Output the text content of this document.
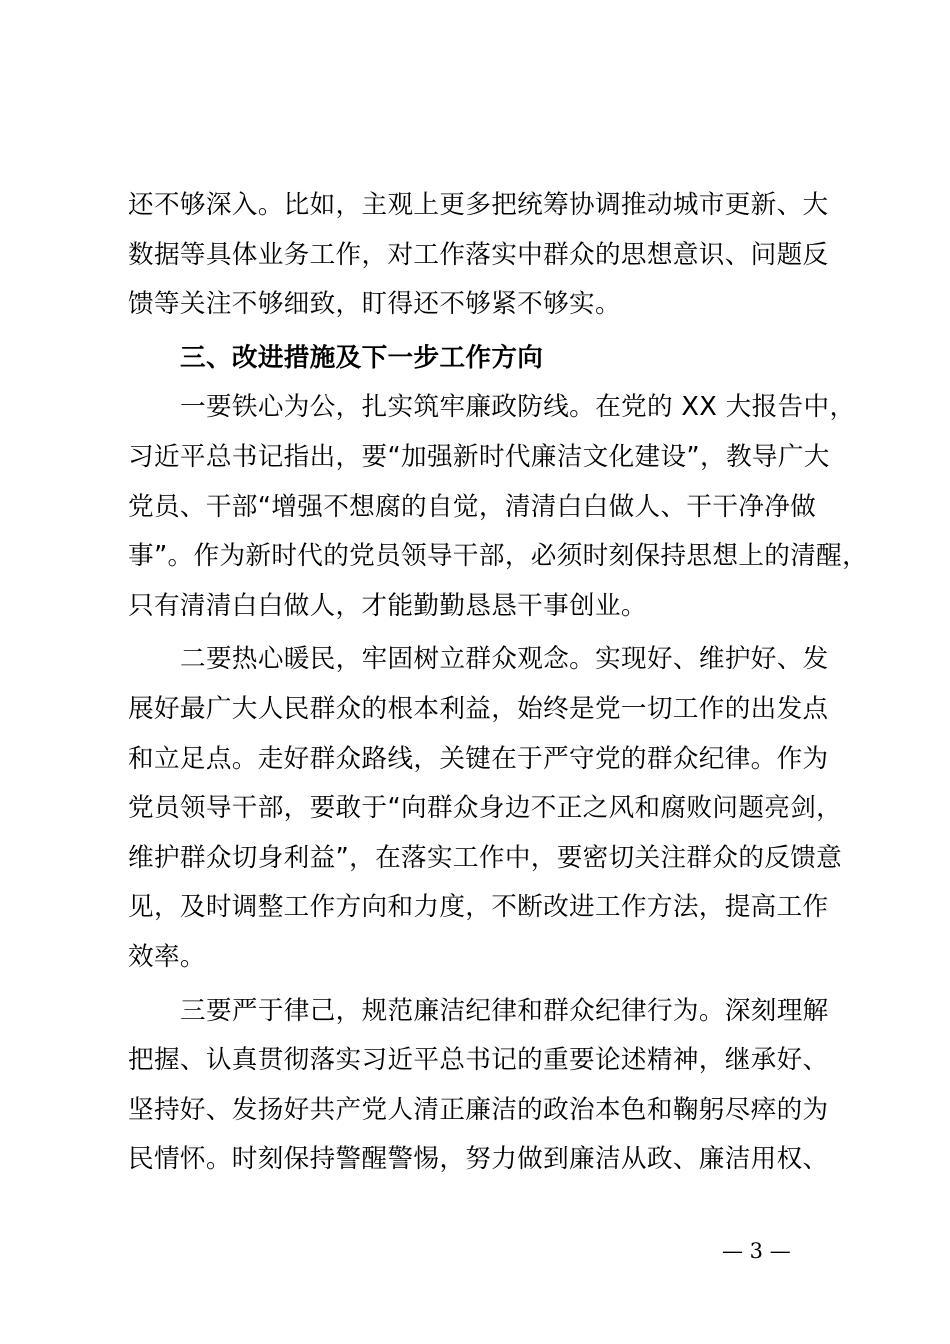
还不够深入。比如，主观上更多把统筹协调推动城市更新、大
数据等具体业务工作，对工作落实中群众的思想意识、问题反
馈等关注不够细致，盯得还不够紧不够实。
三、改进措施及下一步工作方向
一要铁心为公，扎实筑牢廉政防线。在党的 XX 大报告中，
习近平总书记指出，要“加强新时代廉洁文化建设”，教导广大
党员、干部“增强不想腐的自觉，清清白白做人、干干净净做
事”。作为新时代的党员领导干部，必须时刻保持思想上的清醒，
只有清清白白做人，才能勤勤恳恳干事创业。
二要热心暖民，牢固树立群众观念。实现好、维护好、发
展好最广大人民群众的根本利益，始终是党一切工作的出发点
和立足点。走好群众路线，关键在于严守党的群众纪律。作为
党员领导干部，要敢于“向群众身边不正之风和腐败问题亮剑，
维护群众切身利益”，在落实工作中，要密切关注群众的反馈意
见，及时调整工作方向和力度，不断改进工作方法，提高工作
效率。
三要严于律己，规范廉洁纪律和群众纪律行为。深刻理解
把握、认真贯彻落实习近平总书记的重要论述精神，继承好、
坚持好、发扬好共产党人清正廉洁的政治本色和鞠躬尽瘁的为
民情怀。时刻保持警醒警惕，努力做到廉洁从政、廉洁用权、
— 3 —
